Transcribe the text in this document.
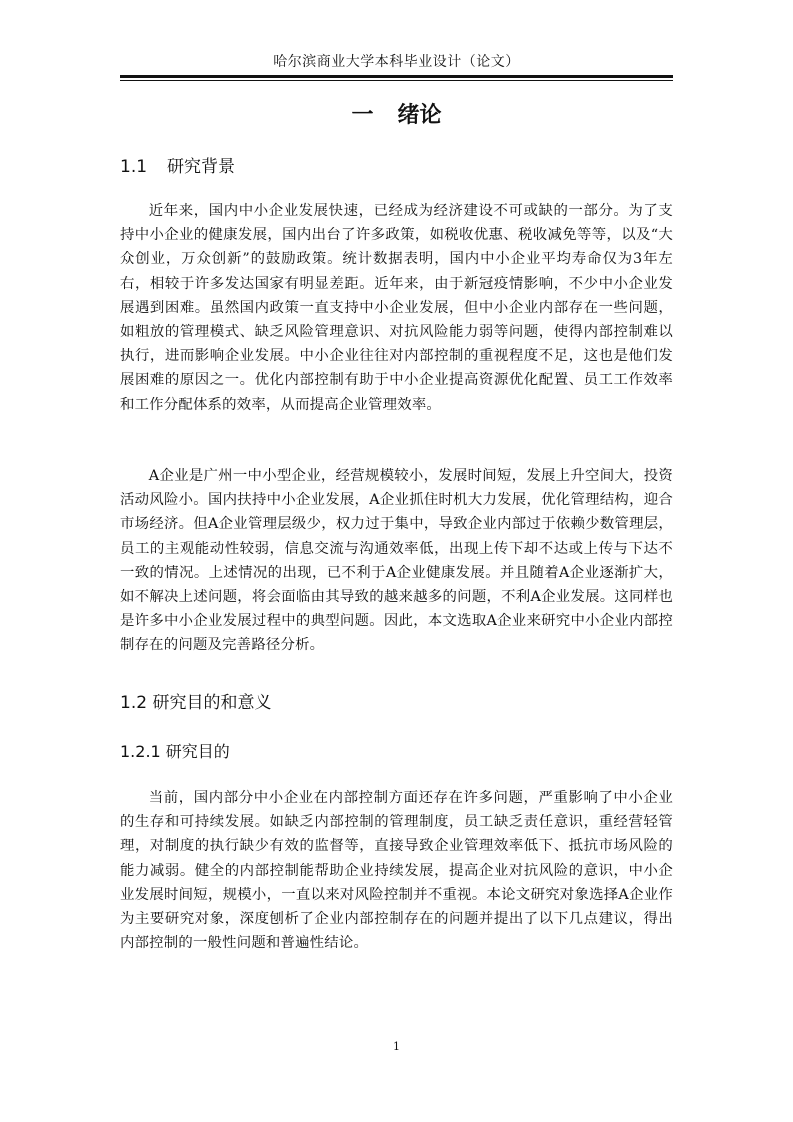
哈尔滨商业大学本科毕业设计（论文）
一 绪论
1.1 研究背景
近年来，国内中小企业发展快速，已经成为经济建设不可或缺的一部分。为了支持中小企业的健康发展，国内出台了许多政策，如税收优惠、税收减免等等，以及“大众创业，万众创新”的鼓励政策。统计数据表明，国内中小企业平均寿命仅为3年左右，相较于许多发达国家有明显差距。近年来，由于新冠疫情影响，不少中小企业发展遇到困难。虽然国内政策一直支持中小企业发展，但中小企业内部存在一些问题，如粗放的管理模式、缺乏风险管理意识、对抗风险能力弱等问题，使得内部控制难以执行，进而影响企业发展。中小企业往往对内部控制的重视程度不足，这也是他们发展困难的原因之一。优化内部控制有助于中小企业提高资源优化配置、员工工作效率和工作分配体系的效率，从而提高企业管理效率。
A企业是广州一中小型企业，经营规模较小，发展时间短，发展上升空间大，投资活动风险小。国内扶持中小企业发展，A企业抓住时机大力发展，优化管理结构，迎合市场经济。但A企业管理层级少，权力过于集中，导致企业内部过于依赖少数管理层，员工的主观能动性较弱，信息交流与沟通效率低，出现上传下却不达或上传与下达不一致的情况。上述情况的出现，已不利于A企业健康发展。并且随着A企业逐渐扩大，如不解决上述问题，将会面临由其导致的越来越多的问题，不利A企业发展。这同样也是许多中小企业发展过程中的典型问题。因此，本文选取A企业来研究中小企业内部控制存在的问题及完善路径分析。
1.2 研究目的和意义
1.2.1 研究目的
当前，国内部分中小企业在内部控制方面还存在许多问题，严重影响了中小企业的生存和可持续发展。如缺乏内部控制的管理制度，员工缺乏责任意识，重经营轻管理，对制度的执行缺少有效的监督等，直接导致企业管理效率低下、抵抗市场风险的能力减弱。健全的内部控制能帮助企业持续发展，提高企业对抗风险的意识，中小企业发展时间短，规模小，一直以来对风险控制并不重视。本论文研究对象选择A企业作为主要研究对象，深度刨析了企业内部控制存在的问题并提出了以下几点建议，得出内部控制的一般性问题和普遍性结论。
1
